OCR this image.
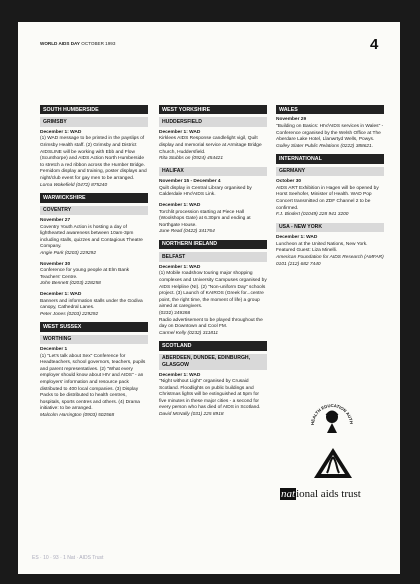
WORLD AIDS DAY OCTOBER 1993	4
SOUTH HUMBERSIDE
GRIMSBY
December 1: WAD
(1) WAD message to be printed in the payslips of Grimsby Health staff. (2) Grimsby and District AIDSLINE will be working with Ebb and Flow (Scunthorpe) and AIDS Action North Humberside to stretch a red ribbon across the Humber Bridge.
Femidom display and training, poster displays and night/club event for gay men to be arranged.
Lorna Wakefield (0472) 875240
WARWICKSHIRE
COVENTRY
November 27
Coventry Youth Action is hosting a day of lighthearted awareness between 10am-3pm including stalls, quizzes and Contagious Theatre Company.
Angie Park (0203) 229292
November 30
Conference for young people at Elm Bank Teachers' Centre.
John Bennett (0203) 228258
December 1: WAD
Banners and information stalls under the Godiva canopy, Cathedral Lanes.
Peter Jones (0203) 229292
WEST SUSSEX
WORTHING
December 1
(1) "Let's talk about Sex" Conference for Headteachers, school governors, teachers, pupils and parent representatives. (2) "What every employer should know about HIV and AIDS" - an employers' information and resource pack distributed to 400 local companies. (3) Display Packs to be distributed to health centres, hospitals, sports centres and others. (4) Drama initiative: to be arranged.
Malcolm Harrington (0903) 502568
WEST YORKSHIRE
HUDDERSFIELD
December 1: WAD
Kirklees AIDS Response candlelight vigil, Quilt display and memorial service at Armitage Bridge Church, Huddersfield.
Rita Stubbs on (0924) 454421
HALIFAX
November 15 - December 4
Quilt display in Central Library organised by Calderdale HIV/AIDS Link.
December 1: WAD
Torchlit procession starting at Piece Hall (Woolshops Gate) at 6.30pm and ending at Northgate House.
June Read (0422) 341764
NORTHERN IRELAND
BELFAST
December 1: WAD
(1) Mobile roadshow touring major shopping complexes and University Campuses organised by AIDS Helpline (NI). (2) "Non-uniform Day" schools project. (3) Launch of KAIROS (Greek for...centre point, the right time, the moment of life) a group aimed at caregivers.
(0232) 249268
Radio advertisement to be played throughout the day on Downtown and Cool FM.
Carmel Kelly (0232) 311811
SCOTLAND
ABERDEEN, DUNDEE, EDINBURGH, GLASGOW
December 1: WAD
"Night without Light" organised by Crusaid Scotland. Floodlights on public buildings and Christmas lights will be extinguished at 5pm for five minutes in these major cities - a second for every person who has died of AIDS in Scotland.
David McNally (031) 225 8918
WALES
November 29
"Building on Basics: HIV/AIDS services in Wales" - Conference organised by the Welsh Office at The Aberdare Lake Hotel, Llanwrtyd Wells, Powys.
Golley Slater Public Relations (0222) 388621.
INTERNATIONAL
GERMANY
October 30
AIDS ART Exhibition in Hagen will be opened by Horst Seehofer, Minister of Health. WAD Pop Concert transmitted on ZDF Channel 2 to be confirmed.
F.J. Bindert (01049) 228 941 3200
USA - NEW YORK
December 1: WAD
Luncheon at the United Nations, New York. Featured Guest: Liza Minelli.
American Foundation for AIDS Research (AMFAR) 0101 (212) 682 7440
HEALTH EDUCATION AUTH
national aids trust
ES · 10 · 93 · 1 Nat · AIDS Trust
